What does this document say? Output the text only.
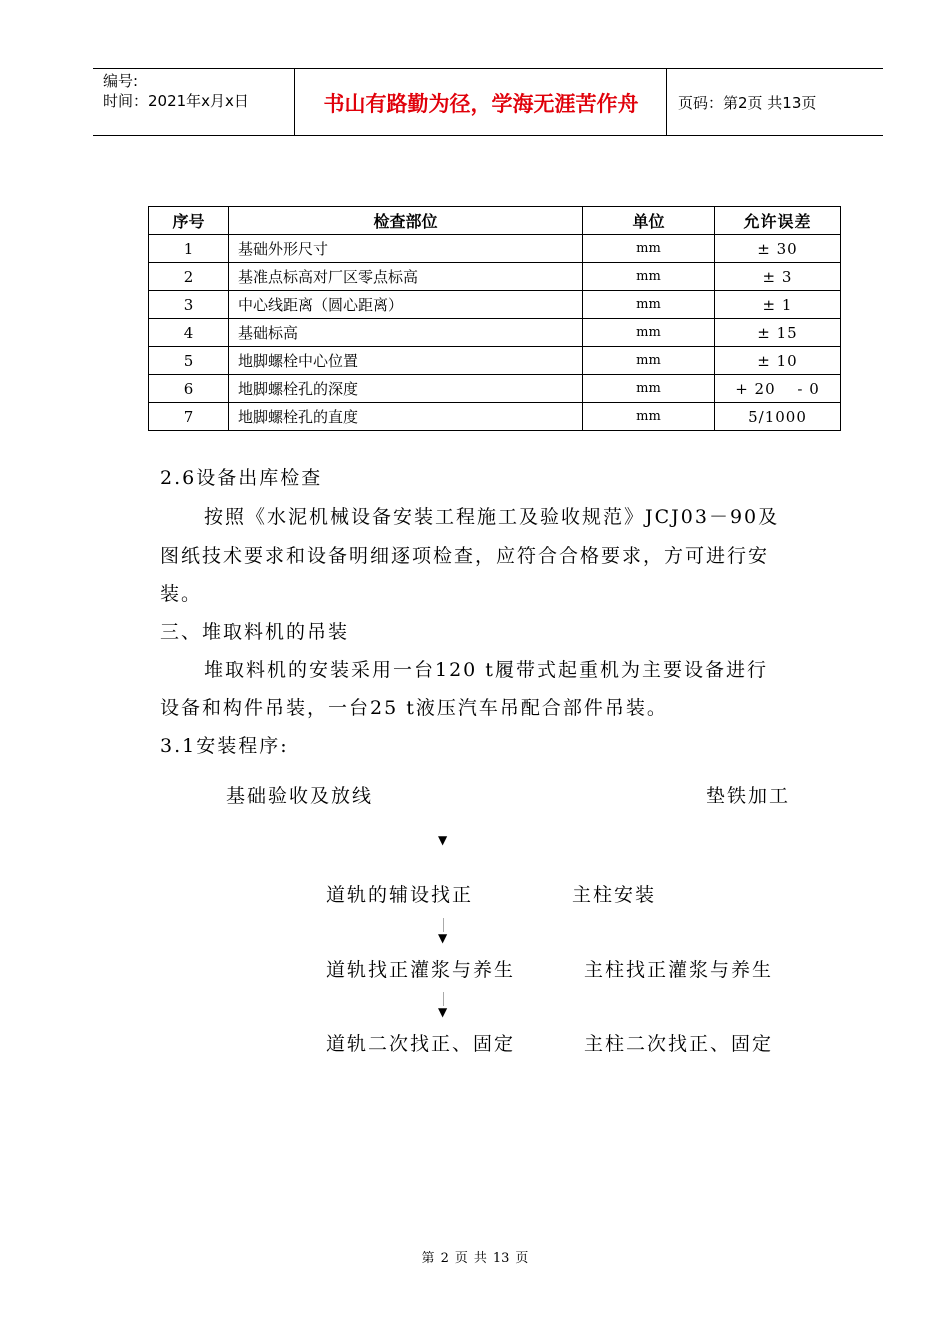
编号:
时间：2021年x月x日	书山有路勤为径，学海无涯苦作舟	页码：第2页 共13页
序号	检查部位	单位	允许误差
1	基础外形尺寸	mm	± 30
2	基准点标高对厂区零点标高	mm	± 3
3	中心线距离（圆心距离）	mm	± 1
4	基础标高	mm	± 15
5	地脚螺栓中心位置	mm	± 10
6	地脚螺栓孔的深度	mm	+ 20 　- 0
7	地脚螺栓孔的直度	mm	5/1000
2.6设备出库检查
按照《水泥机械设备安装工程施工及验收规范》JCJ03－90及
图纸技术要求和设备明细逐项检查，应符合合格要求，方可进行安
装。
三、堆取料机的吊装
堆取料机的安装采用一台120 t履带式起重机为主要设备进行
设备和构件吊装，一台25 t液压汽车吊配合部件吊装。
3.1安装程序:
基础验收及放线	垫铁加工
▼
道轨的辅设找正	主柱安装
▼
道轨找正灌浆与养生	主柱找正灌浆与养生
▼
道轨二次找正、固定	主柱二次找正、固定
第 2 页 共 13 页
